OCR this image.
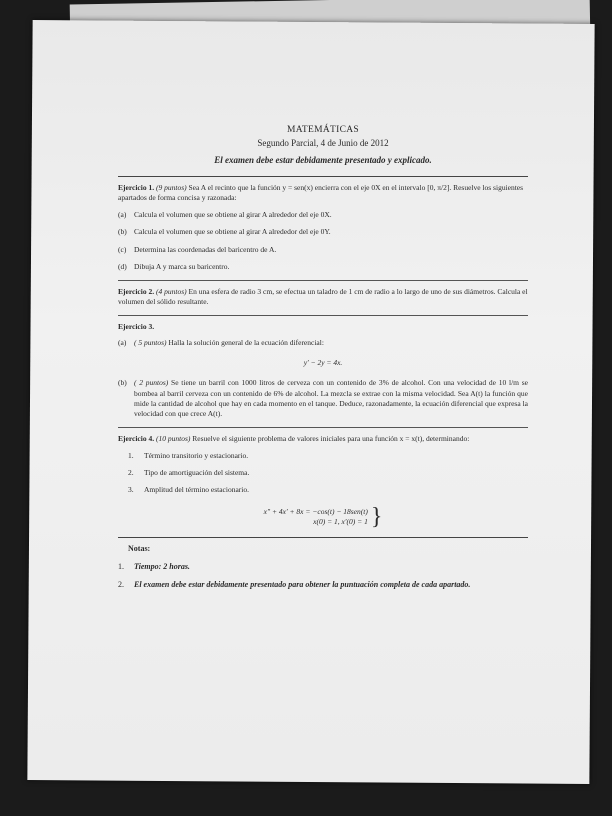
MATEMÁTICAS
Segundo Parcial, 4 de Junio de 2012
El examen debe estar debidamente presentado y explicado.
Ejercicio 1. (9 puntos) Sea A el recinto que la función y = sen(x) encierra con el eje 0X en el intervalo [0, π/2]. Resuelve los siguientes apartados de forma concisa y razonada:
(a)	Calcula el volumen que se obtiene al girar A alrededor del eje 0X.
(b) Calcula el volumen que se obtiene al girar A alrededor del eje 0Y.
(c)	Determina las coordenadas del baricentro de A.
(d) Dibuja A y marca su baricentro.
Ejercicio 2. (4 puntos) En una esfera de radio 3 cm, se efectua un taladro de 1 cm de radio a lo largo de uno de sus diámetros. Calcula el volumen del sólido resultante.
Ejercicio 3.
(a)	( 5 puntos) Halla la solución general de la ecuación diferencial:
y′ − 2y = 4x.
(b) ( 2 puntos) Se tiene un barril con 1000 litros de cerveza con un contenido de 3% de alcohol. Con una velocidad de 10 l/m se bombea al barril cerveza con un contenido de 6% de alcohol. La mezcla se extrae con la misma velocidad. Sea A(t) la función que mide la cantidad de alcohol que hay en cada momento en el tanque. Deduce, razonadamente, la ecuación diferencial que expresa la velocidad con que crece A(t).
Ejercicio 4. (10 puntos) Resuelve el siguiente problema de valores iniciales para una función x = x(t), determinando:
1.	Término transitorio y estacionario.
2.	Tipo de amortiguación del sistema.
3.	Amplitud del término estacionario.
x″ + 4x′ + 8x = −cos(t) − 18sen(t)
x(0) = 1, x′(0) = 1 }
Notas:
1.	Tiempo: 2 horas.
2.	El examen debe estar debidamente presentado para obtener la puntuación completa de cada apartado.
